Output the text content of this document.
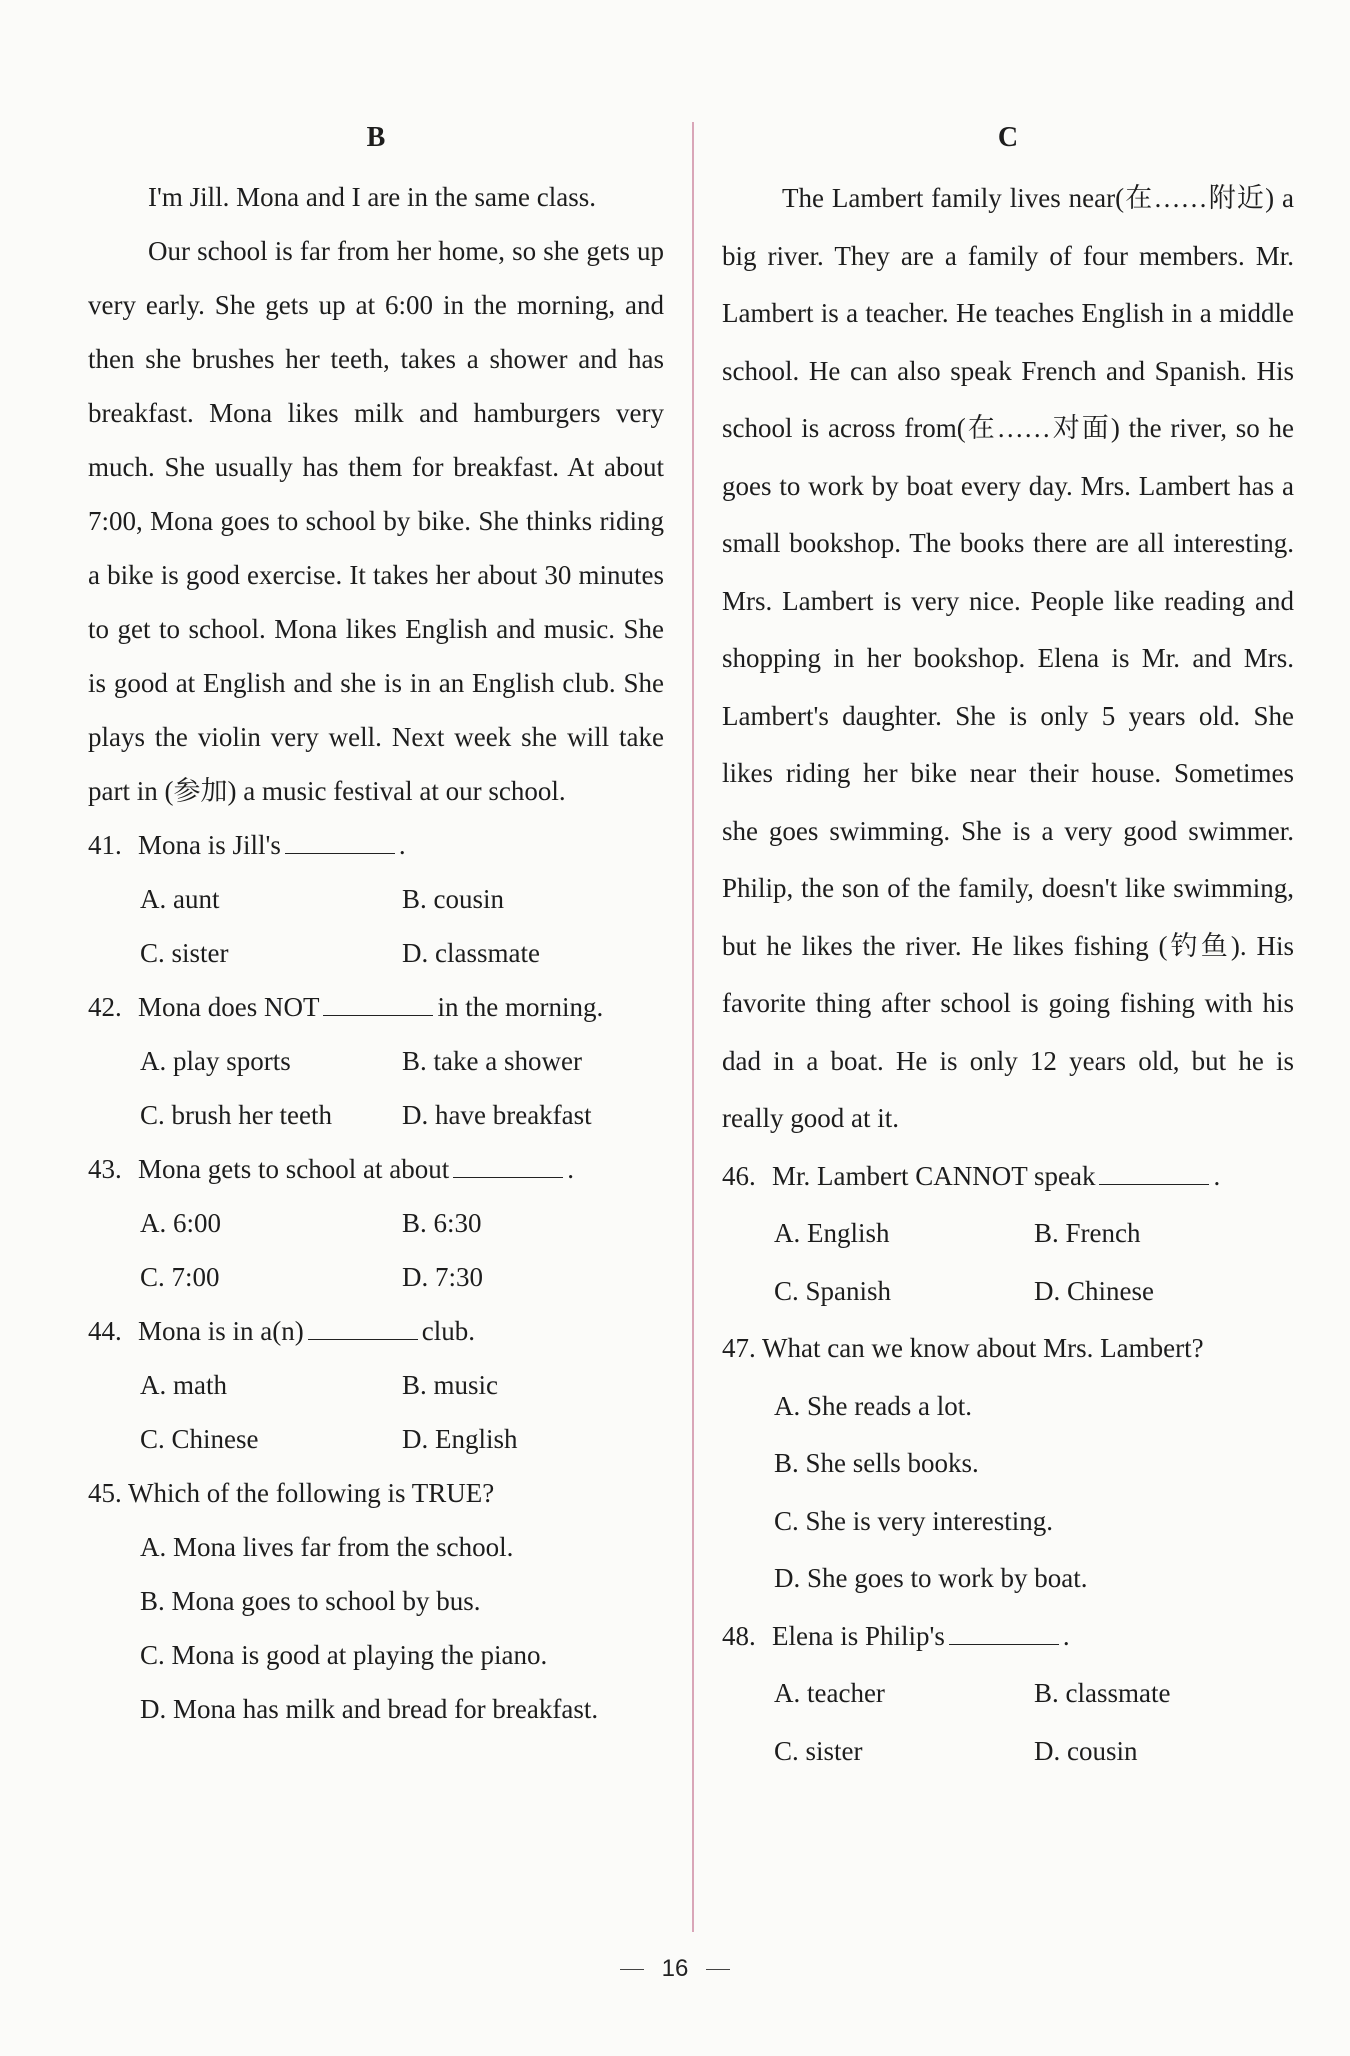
B

I'm Jill. Mona and I are in the same class.

Our school is far from her home, so she gets up very early. She gets up at 6:00 in the morning, and then she brushes her teeth, takes a shower and has breakfast. Mona likes milk and hamburgers very much. She usually has them for breakfast. At about 7:00, Mona goes to school by bike. She thinks riding a bike is good exercise. It takes her about 30 minutes to get to school. Mona likes English and music. She is good at English and she is in an English club. She plays the violin very well. Next week she will take part in (参加) a music festival at our school.

41. Mona is Jill's	.
A. aunt	B. cousin
C. sister	D. classmate
42. Mona does NOT	in the morning.
A. play sports	B. take a shower
C. brush her teeth	D. have breakfast
43. Mona gets to school at about	.
A. 6:00	B. 6:30
C. 7:00	D. 7:30
44. Mona is in a(n)	club.
A. math	B. music
C. Chinese	D. English
45. Which of the following is TRUE?
A. Mona lives far from the school.
B. Mona goes to school by bus.
C. Mona is good at playing the piano.
D. Mona has milk and bread for breakfast.
C

The Lambert family lives near(在……附近) a big river. They are a family of four members. Mr. Lambert is a teacher. He teaches English in a middle school. He can also speak French and Spanish. His school is across from(在……对面) the river, so he goes to work by boat every day. Mrs. Lambert has a small bookshop. The books there are all interesting. Mrs. Lambert is very nice. People like reading and shopping in her bookshop. Elena is Mr. and Mrs. Lambert's daughter. She is only 5 years old. She likes riding her bike near their house. Sometimes she goes swimming. She is a very good swimmer. Philip, the son of the family, doesn't like swimming, but he likes the river. He likes fishing (钓鱼). His favorite thing after school is going fishing with his dad in a boat. He is only 12 years old, but he is really good at it.

46. Mr. Lambert CANNOT speak	.
A. English	B. French
C. Spanish	D. Chinese
47. What can we know about Mrs. Lambert?
A. She reads a lot.
B. She sells books.
C. She is very interesting.
D. She goes to work by boat.
48. Elena is Philip's	.
A. teacher	B. classmate
C. sister	D. cousin
16
